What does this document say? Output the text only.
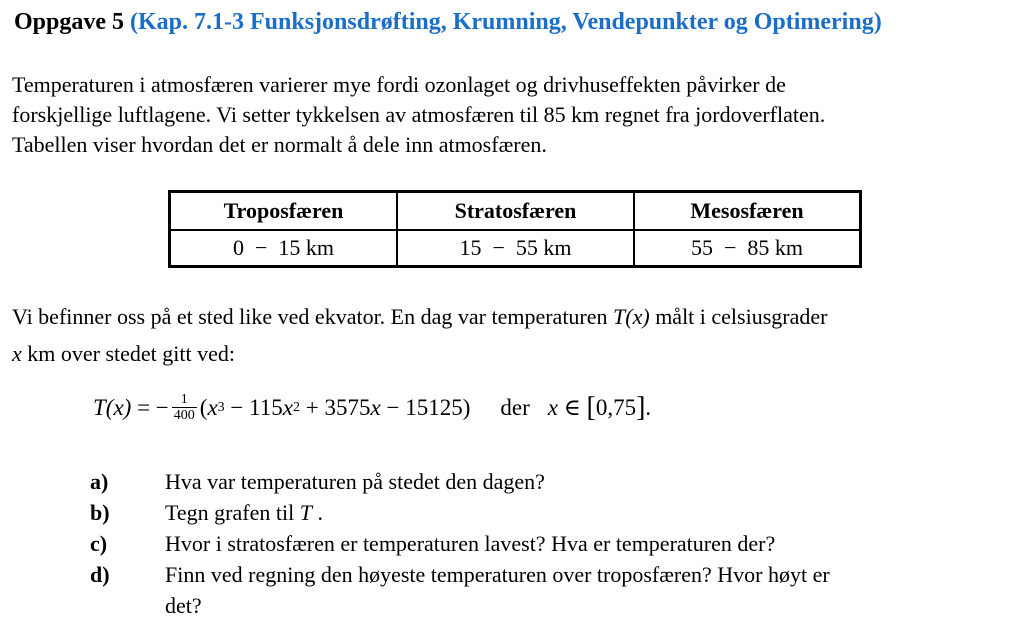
Oppgave 5 (Kap. 7.1-3 Funksjonsdrøfting, Krumning, Vendepunkter og Optimering)
Temperaturen i atmosfæren varierer mye fordi ozonlaget og drivhuseffekten påvirker de
forskjellige luftlagene. Vi setter tykkelsen av atmosfæren til 85 km regnet fra jordoverflaten.
Tabellen viser hvordan det er normalt å dele inn atmosfæren.
Troposfæren	Stratosfæren	Mesosfæren
0 − 15 km	15 − 55 km	55 − 85 km
Vi befinner oss på et sted like ved ekvator. En dag var temperaturen T(x) målt i celsiusgrader
x km over stedet gitt ved:
T(x) = − $\frac{1}{400}$ ( x 3 − 115 x 2 + 3575 x − 15125) der x ∈ [ 0,75 ] .
a)	Hva var temperaturen på stedet den dagen?
b)	Tegn grafen til T .
c)	Hvor i stratosfæren er temperaturen lavest? Hva er temperaturen der?
d)	Finn ved regning den høyeste temperaturen over troposfæren? Hvor høyt er
det?
